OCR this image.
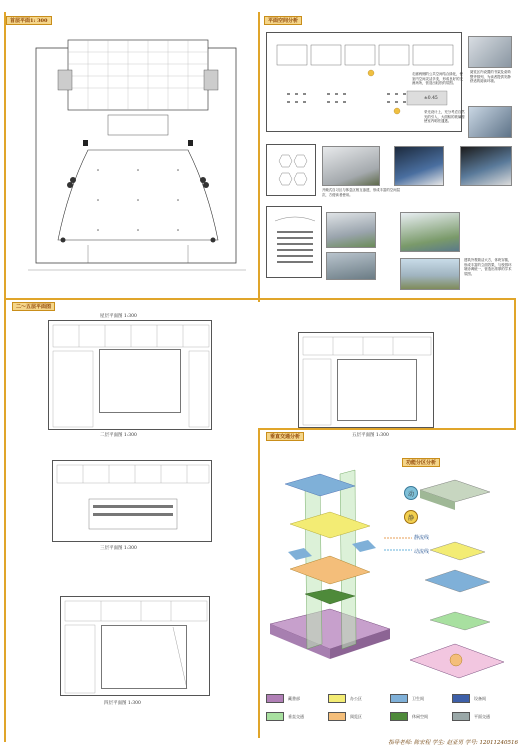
首层平面1: 300	平面空间分析
二～五层平面图
垂直交通分析
功能分区分析
±0.45
阅览区内设置的书架及桌椅整齐排列，为读者提供安静舒适的阅读环境。
走廊两侧的公共空间结合绿化，使室内空间灵活多变，形成良好的交流场所，营造出轻松的氛围。
采光设计上，充分考虑自然光的引入，大面积的玻璃窗使室内明亮通透。
开敞式自习区与休息区相互渗透，形成丰富的空间层次，方便读者使用。
建筑外观简洁大方，体块穿插，形成丰富的立面效果，与校园环境协调统一，营造出浓厚的学术氛围。
屋层平面图 1:300
二层平面图 1:300
三层平面图 1:300
四层平面图 1:300
五层平面图 1:300
动
静
静流线
动流线
藏書部	办公区	卫生间	设备间
垂直交通	阅览区	休闲空间	平面交通
指导老师: 陈宏程 学生: 赵亚男 学号: 12011240516
